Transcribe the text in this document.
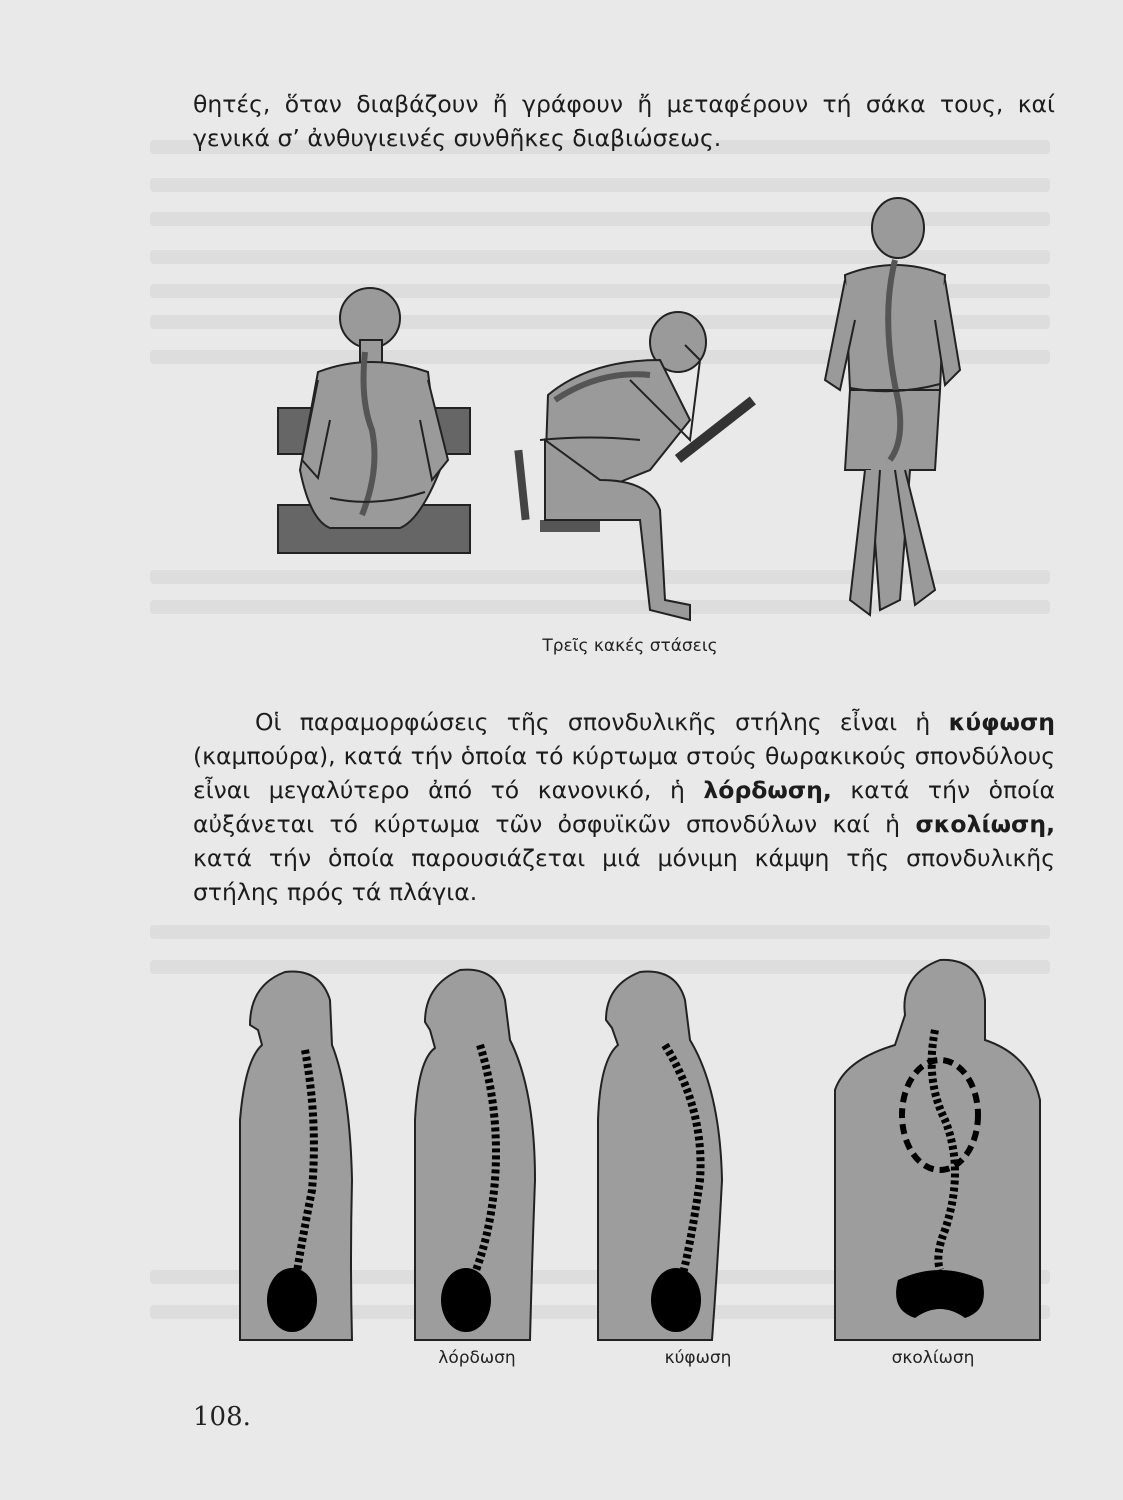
θητές, ὅταν διαβάζουν ἤ γράφουν ἤ μεταφέρουν τή σάκα τους, καί γενικά σ’ ἀνθυγιεινές συνθῆκες διαβιώσεως.
Τρεῖς κακές στάσεις
Οἱ παραμορφώσεις τῆς σπονδυλικῆς στήλης εἶναι ἡ κύφωση (καμπούρα), κατά τήν ὁποία τό κύρτωμα στούς θωρακικούς σπονδύλους εἶναι μεγαλύτερο ἀπό τό κανονικό, ἡ λόρδωση, κατά τήν ὁποία αὐξάνεται τό κύρτωμα τῶν ὀσφυϊκῶν σπονδύλων καί ἡ σκολίωση, κατά τήν ὁποία παρουσιάζεται μιά μόνιμη κάμψη τῆς σπονδυλικῆς στήλης πρός τά πλάγια.
λόρδωση	κύφωση	σκολίωση
108.
